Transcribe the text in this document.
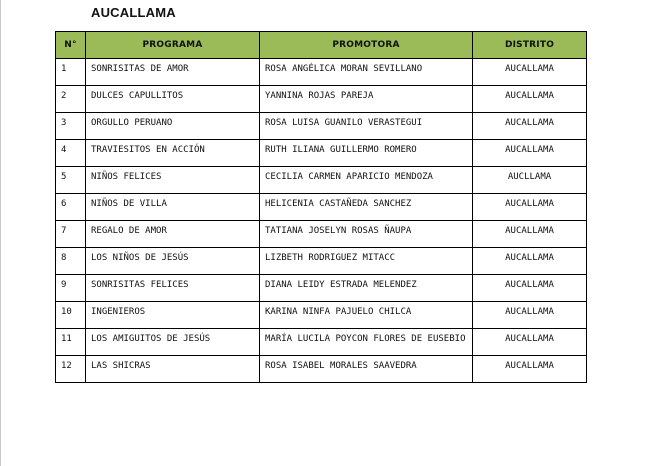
AUCALLAMA
N°	PROGRAMA	PROMOTORA	DISTRITO
1	SONRISITAS DE AMOR	ROSA ANGÉLICA MORAN SEVILLANO	AUCALLAMA
2	DULCES CAPULLITOS	YANNINA ROJAS PAREJA	AUCALLAMA
3	ORGULLO PERUANO	ROSA LUISA GUANILO VERASTEGUI	AUCALLAMA
4	TRAVIESITOS EN ACCIÓN	RUTH ILIANA GUILLERMO ROMERO	AUCALLAMA
5	NIÑOS FELICES	CECILIA CARMEN APARICIO MENDOZA	AUCLLAMA
6	NIÑOS DE VILLA	HELICENIA CASTAÑEDA SANCHEZ	AUCALLAMA
7	REGALO DE AMOR	TATIANA JOSELYN ROSAS ÑAUPA	AUCALLAMA
8	LOS NIÑOS DE JESÚS	LIZBETH RODRIGUEZ MITACC	AUCALLAMA
9	SONRISITAS FELICES	DIANA LEIDY ESTRADA MELENDEZ	AUCALLAMA
10	INGENIEROS	KARINA NINFA PAJUELO CHILCA	AUCALLAMA
11	LOS AMIGUITOS DE JESÚS	MARÍA LUCILA POYCON FLORES DE EUSEBIO	AUCALLAMA
12	LAS SHICRAS	ROSA ISABEL MORALES SAAVEDRA	AUCALLAMA
